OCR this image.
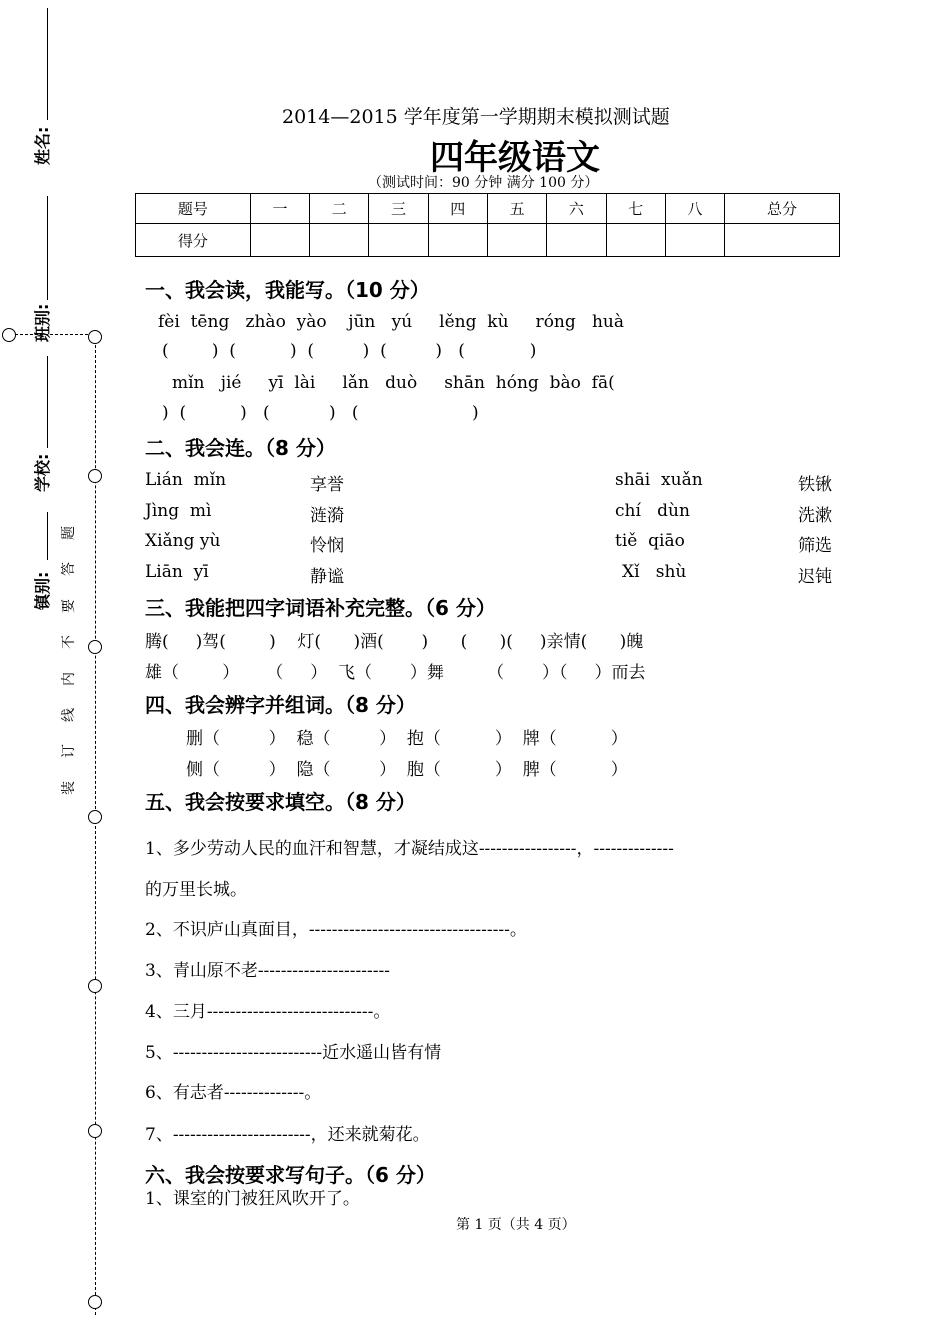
姓名:
班别:
学校:
镇别:
题
答
要
不
内
线
订
装
2014—2015 学年度第一学期期末模拟测试题
四年级语文
（测试时间：90 分钟 满分 100 分）
题号	一	二	三	四	五	六	七	八	总分
得分									
一、我会读，我能写。（10 分）
fèi  tēng   zhào  yào    jūn   yú     lěng  kù     róng   huà
(        )  (          )  (         )  (         )   (            )
mǐn   jié     yī  lài     lǎn   duò     shān  hóng  bào  fā(
)  (          )   (           )   (                     )
二、我会连。（8 分）
Lián  mǐn	享誉	shāi  xuǎn	铁锹
Jìng  mì	涟漪	chí   dùn	洗漱
Xiǎng yù	怜悯	tiě  qiāo	筛选
Liān  yī	静谧	Xǐ   shù	迟钝
三、我能把四字词语补充完整。（6 分）
腾(     )驾(        )    灯(      )酒(       )      (      )(     )亲情(      )魄
雄（        ）     （     ）  飞（       ）舞        （       ）（     ）而去
四、我会辨字并组词。（8 分）
删（         ）  稳（         ）  抱（          ）  牌（          ）
侧（         ）  隐（         ）  胞（          ）  脾（          ）
五、我会按要求填空。（8 分）
1、多少劳动人民的血汗和智慧，才凝结成这-----------------，--------------
的万里长城。
2、不识庐山真面目，-----------------------------------。
3、青山原不老-----------------------
4、三月-----------------------------。
5、--------------------------近水遥山皆有情
6、有志者--------------。
7、------------------------，还来就菊花。
六、我会按要求写句子。（6 分）
1、课室的门被狂风吹开了。
第 1 页（共 4 页）
